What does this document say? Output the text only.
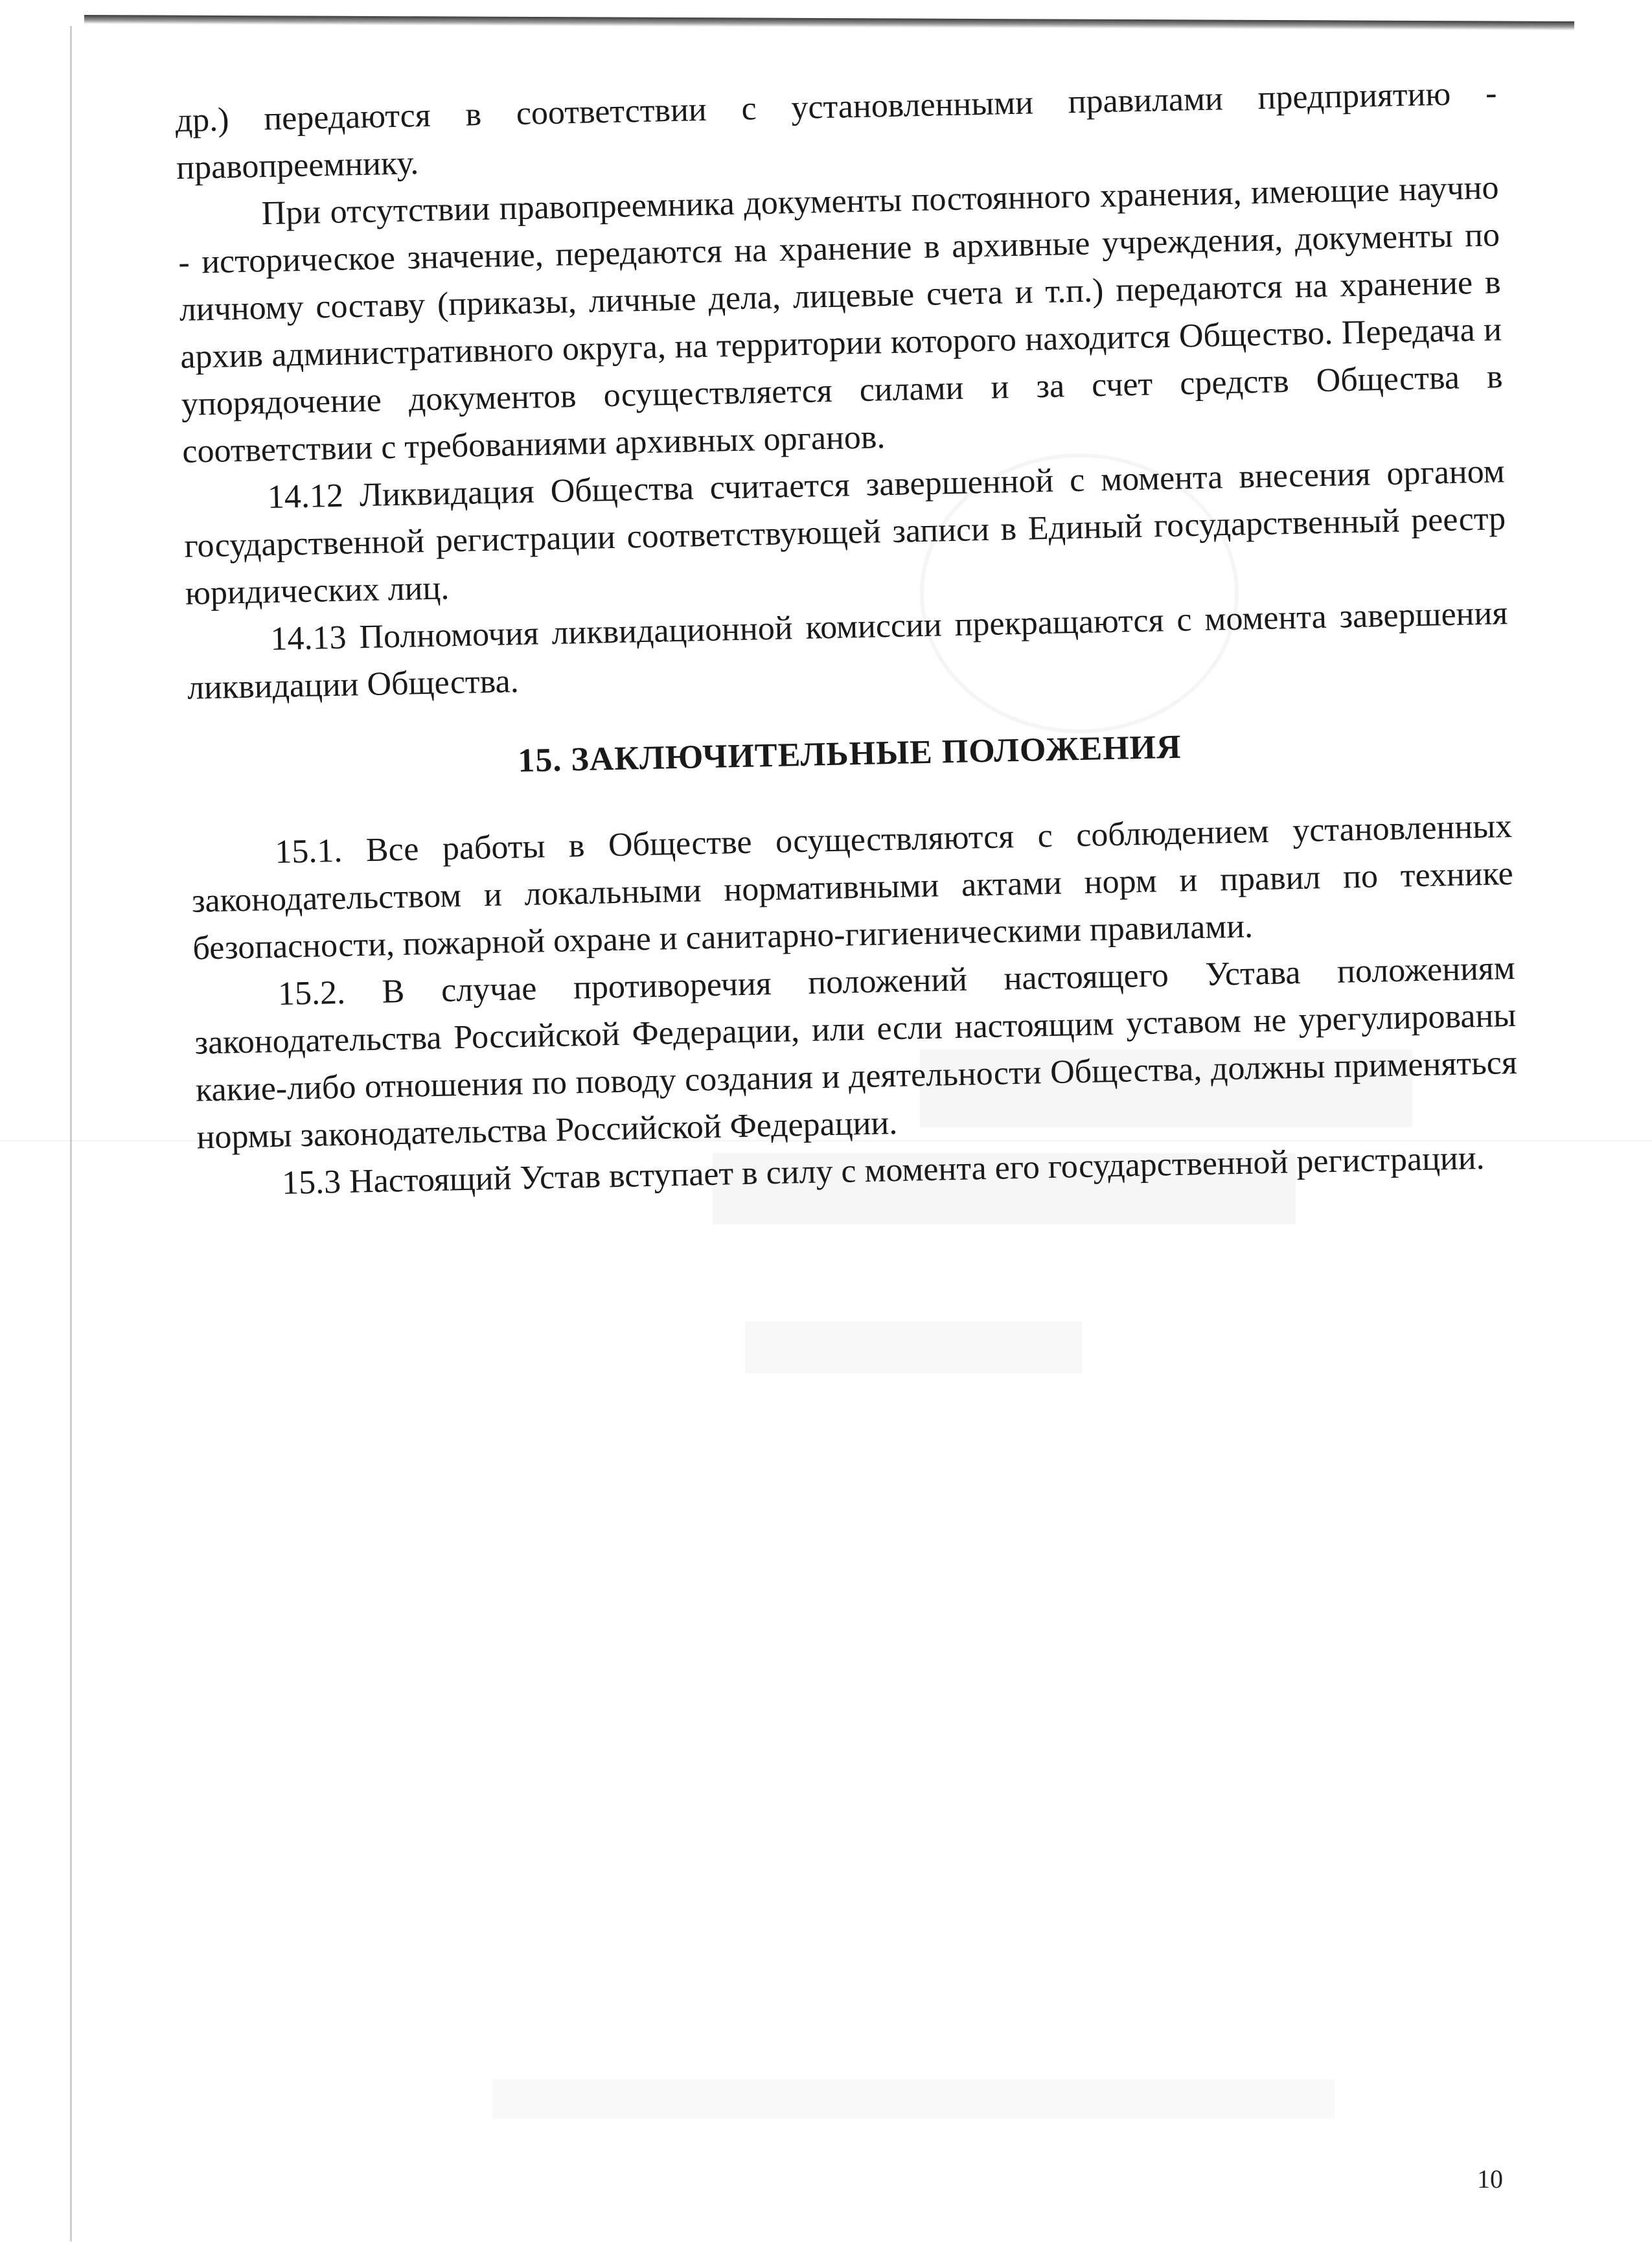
др.) передаются в соответствии с установленными правилами предприятию - правопреемнику.

При отсутствии правопреемника документы постоянного хранения, имеющие научно - историческое значение, передаются на хранение в архивные учреждения, документы по личному составу (приказы, личные дела, лицевые счета и т.п.) передаются на хранение в архив административного округа, на территории которого находится Общество. Передача и упорядочение документов осуществляется силами и за счет средств Общества в соответствии с требованиями архивных органов.

14.12 Ликвидация Общества считается завершенной с момента внесения органом государственной регистрации соответствующей записи в Единый государственный реестр юридических лиц.

14.13 Полномочия ликвидационной комиссии прекращаются с момента завершения ликвидации Общества.

15. ЗАКЛЮЧИТЕЛЬНЫЕ ПОЛОЖЕНИЯ

15.1. Все работы в Обществе осуществляются с соблюдением установленных законодательством и локальными нормативными актами норм и правил по технике безопасности, пожарной охране и санитарно-гигиеническими правилами.

15.2. В случае противоречия положений настоящего Устава положениям законодательства Российской Федерации, или если настоящим уставом не урегулированы какие-либо отношения по поводу создания и деятельности Общества, должны применяться нормы законодательства Российской Федерации.

15.3 Настоящий Устав вступает в силу с момента его государственной регистрации.

10
